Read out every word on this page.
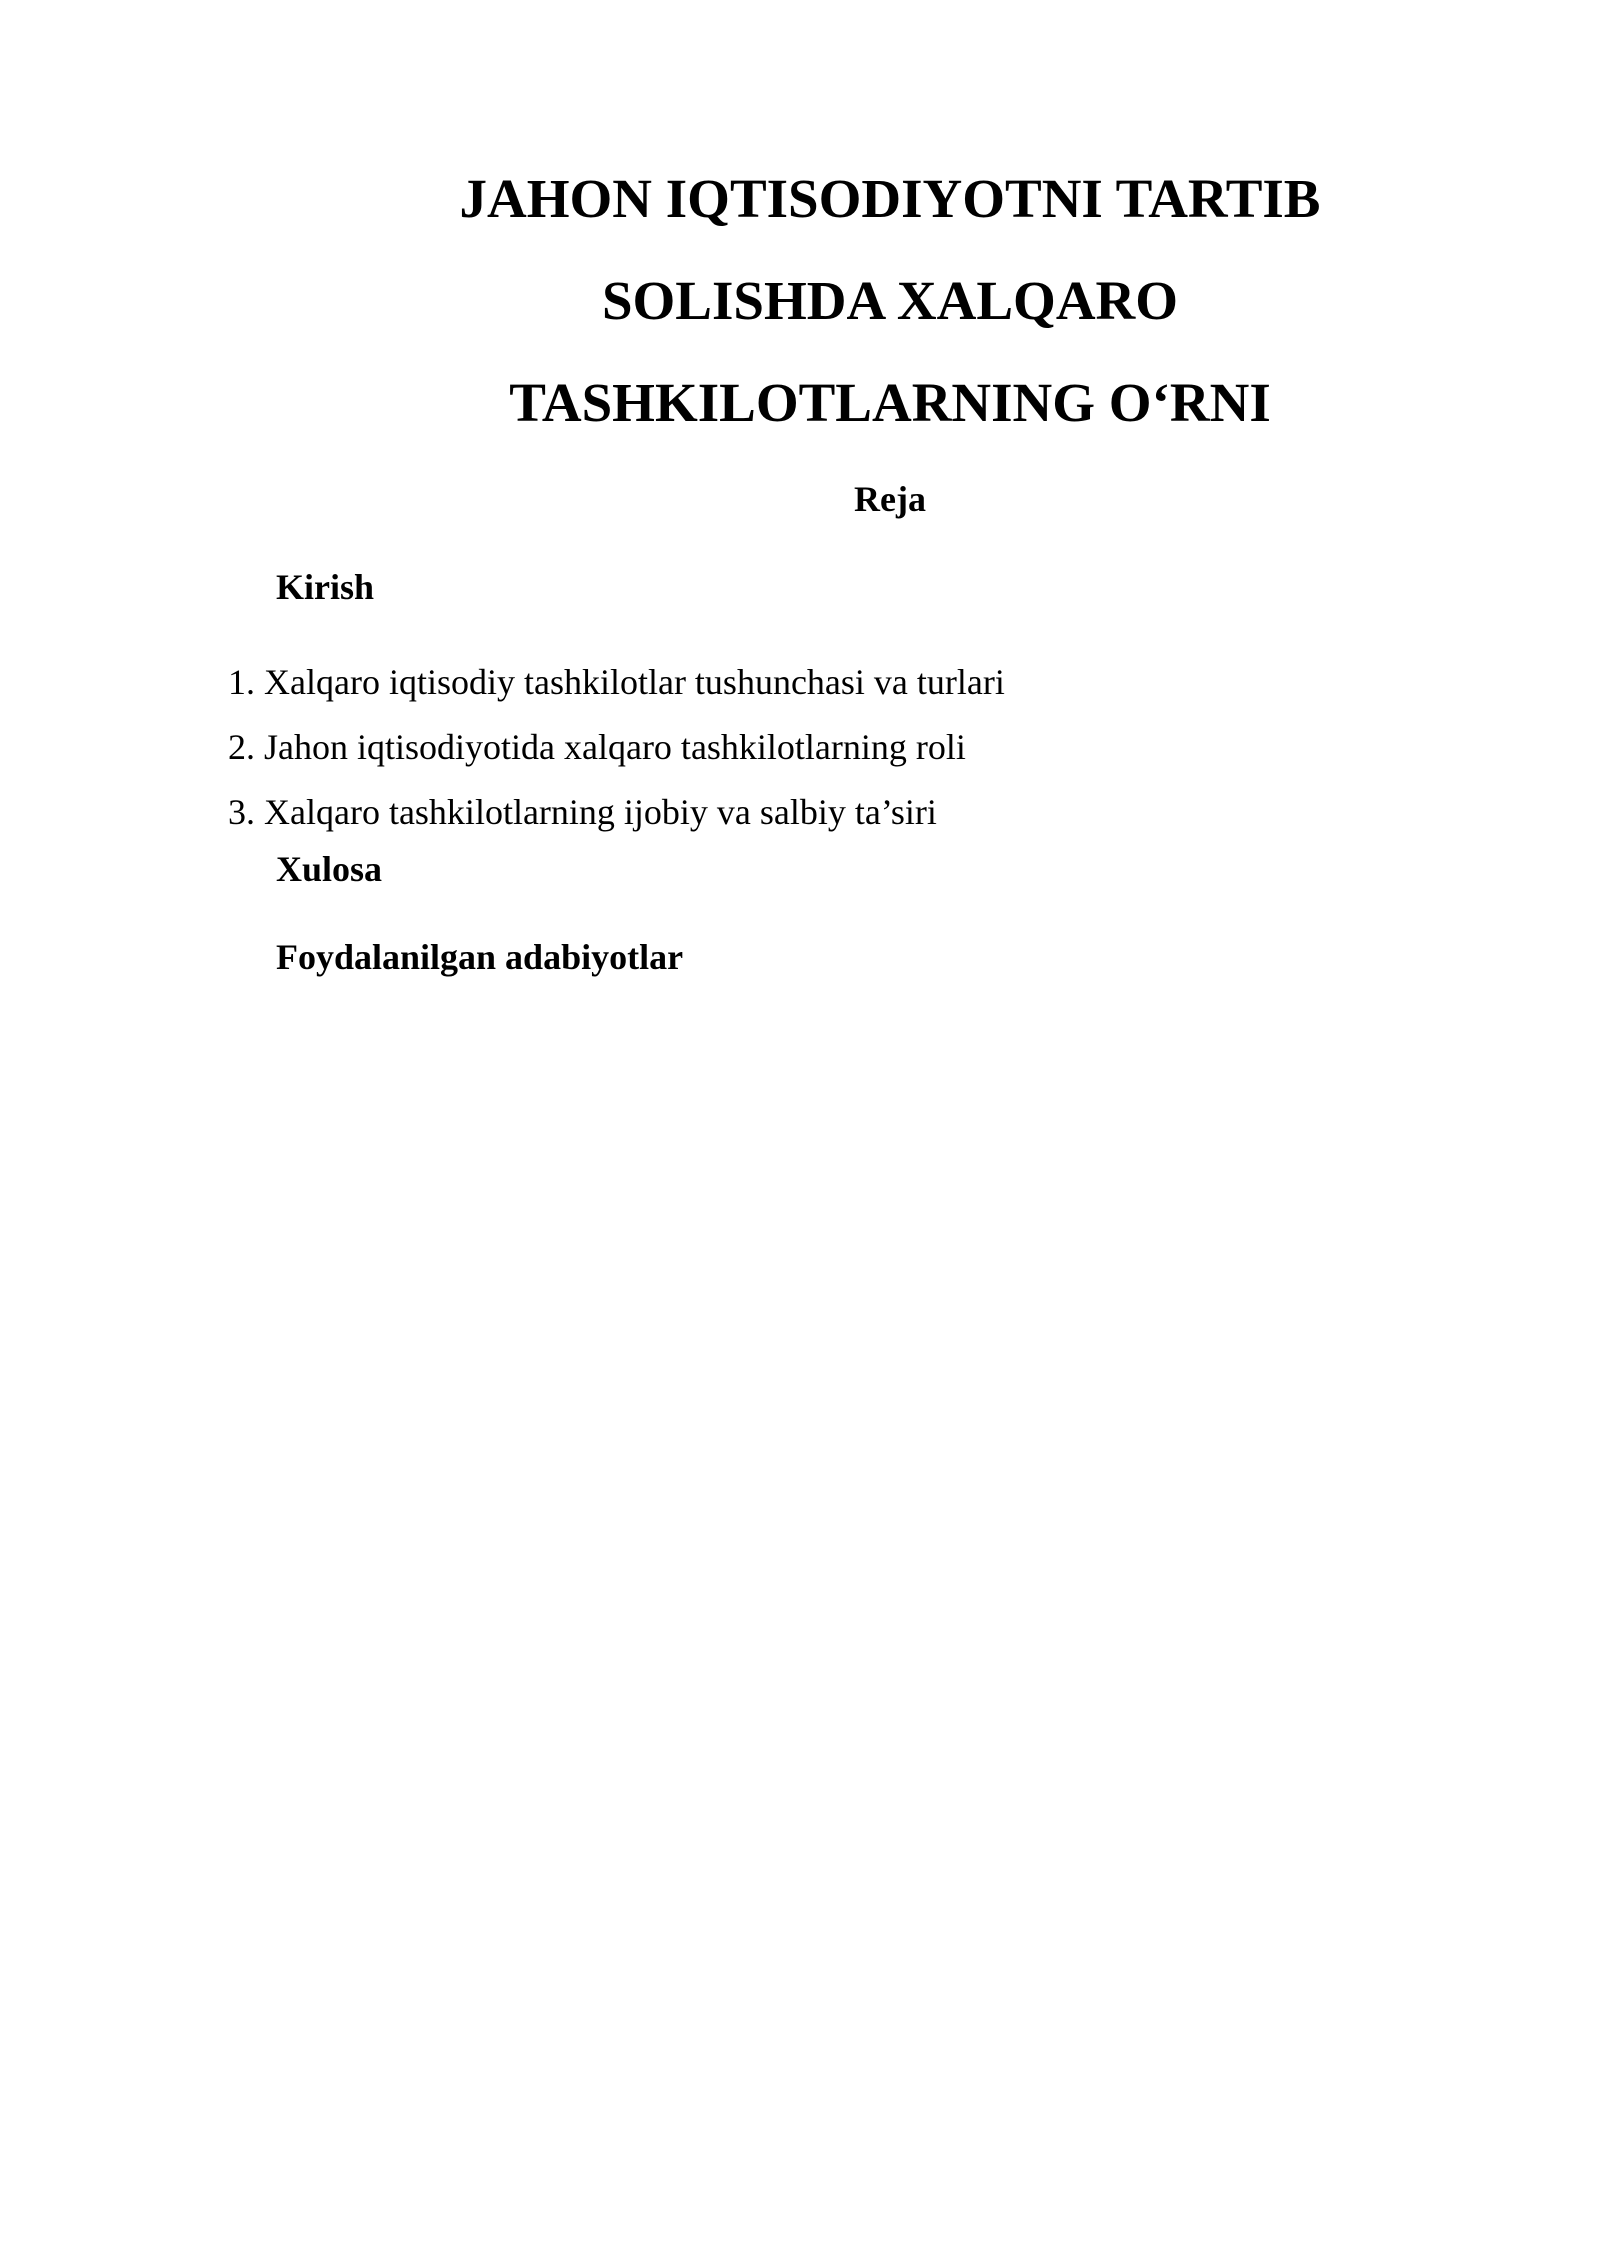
JAHON IQTISODIYOTNI TARTIB
SOLISHDA XALQARO
TASHKILOTLARNING O‘RNI

Reja

Kirish

1. Xalqaro iqtisodiy tashkilotlar tushunchasi va turlari
2. Jahon iqtisodiyotida xalqaro tashkilotlarning roli
3. Xalqaro tashkilotlarning ijobiy va salbiy ta’siri

Xulosa

Foydalanilgan adabiyotlar
